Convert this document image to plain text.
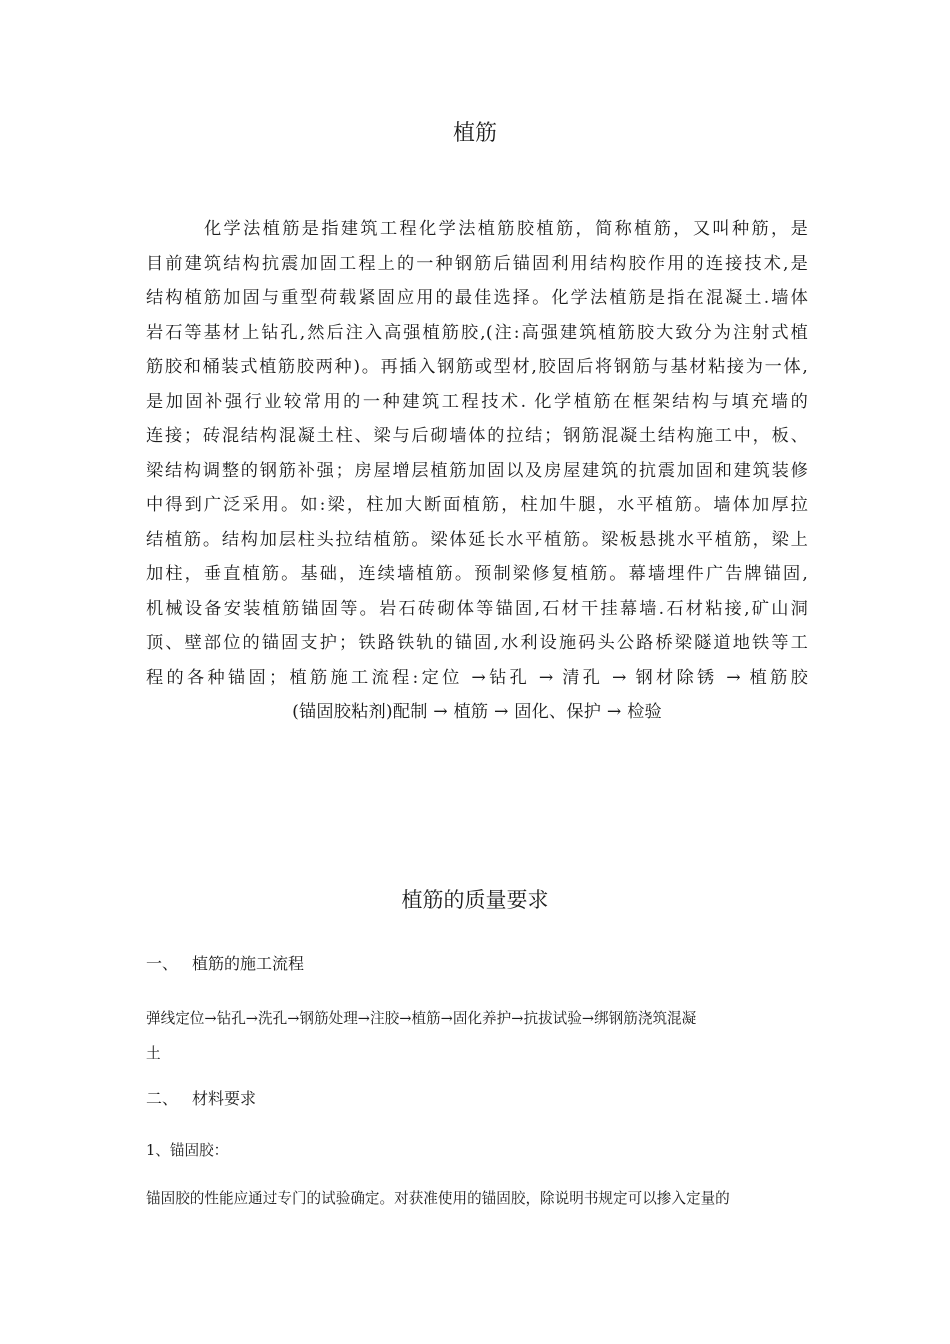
植筋
化学法植筋是指建筑工程化学法植筋胶植筋，简称植筋，又叫种筋，是
目前建筑结构抗震加固工程上的一种钢筋后锚固利用结构胶作用的连接技术,是
结构植筋加固与重型荷载紧固应用的最佳选择。化学法植筋是指在混凝土.墙体
岩石等基材上钻孔,然后注入高强植筋胶,(注:高强建筑植筋胶大致分为注射式植
筋胶和桶装式植筋胶两种)。再插入钢筋或型材,胶固后将钢筋与基材粘接为一体,
是加固补强行业较常用的一种建筑工程技术. 化学植筋在框架结构与填充墙的
连接；砖混结构混凝土柱、梁与后砌墙体的拉结；钢筋混凝土结构施工中，板、
梁结构调整的钢筋补强；房屋增层植筋加固以及房屋建筑的抗震加固和建筑装修
中得到广泛采用。如:梁，柱加大断面植筋，柱加牛腿，水平植筋。墙体加厚拉
结植筋。结构加层柱头拉结植筋。梁体延长水平植筋。梁板悬挑水平植筋，梁上
加柱，垂直植筋。基础，连续墙植筋。预制梁修复植筋。幕墙埋件广告牌锚固,
机械设备安装植筋锚固等。岩石砖砌体等锚固,石材干挂幕墙.石材粘接,矿山洞
顶、壁部位的锚固支护；铁路铁轨的锚固,水利设施码头公路桥梁隧道地铁等工
程的各种锚固；植筋施工流程:定位 →钻孔 → 清孔 → 钢材除锈 → 植筋胶
(锚固胶粘剂)配制 → 植筋 → 固化、保护 → 检验
植筋的质量要求
一、 植筋的施工流程
弹线定位→钻孔→洗孔→钢筋处理→注胶→植筋→固化养护→抗拔试验→绑钢筋浇筑混凝
土
二、 材料要求
1、锚固胶：
锚固胶的性能应通过专门的试验确定。对获准使用的锚固胶，除说明书规定可以掺入定量的
